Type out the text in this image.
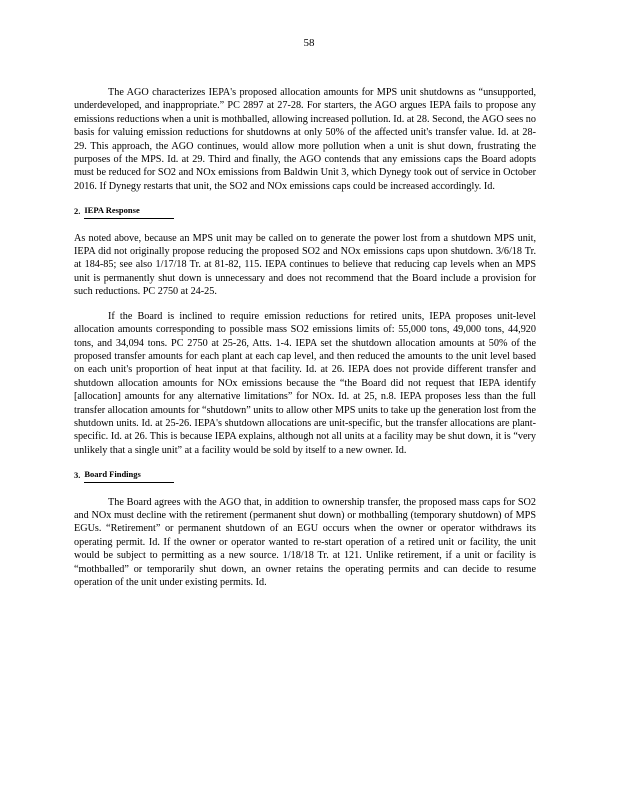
58

The AGO characterizes IEPA's proposed allocation amounts for MPS unit shutdowns as “unsupported, underdeveloped, and inappropriate.” PC 2897 at 27-28. For starters, the AGO argues IEPA fails to propose any emissions reductions when a unit is mothballed, allowing increased pollution. Id. at 28. Second, the AGO sees no basis for valuing emission reductions for shutdowns at only 50% of the affected unit's transfer value. Id. at 28-29. This approach, the AGO continues, would allow more pollution when a unit is shut down, frustrating the purposes of the MPS. Id. at 29. Third and finally, the AGO contends that any emissions caps the Board adopts must be reduced for SO2 and NOx emissions from Baldwin Unit 3, which Dynegy took out of service in October 2016. If Dynegy restarts that unit, the SO2 and NOx emissions caps could be increased accordingly. Id.

2. IEPA Response

As noted above, because an MPS unit may be called on to generate the power lost from a shutdown MPS unit, IEPA did not originally propose reducing the proposed SO2 and NOx emissions caps upon shutdown. 3/6/18 Tr. at 184-85; see also 1/17/18 Tr. at 81-82, 115. IEPA continues to believe that reducing cap levels when an MPS unit is permanently shut down is unnecessary and does not recommend that the Board include a provision for such reductions. PC 2750 at 24-25.

If the Board is inclined to require emission reductions for retired units, IEPA proposes unit-level allocation amounts corresponding to possible mass SO2 emissions limits of: 55,000 tons, 49,000 tons, 44,920 tons, and 34,094 tons. PC 2750 at 25-26, Atts. 1-4. IEPA set the shutdown allocation amounts at 50% of the proposed transfer amounts for each plant at each cap level, and then reduced the amounts to the unit level based on each unit's proportion of heat input at that facility. Id. at 26. IEPA does not provide different transfer and shutdown allocation amounts for NOx emissions because the “the Board did not request that IEPA identify [allocation] amounts for any alternative limitations” for NOx. Id. at 25, n.8. IEPA proposes less than the full transfer allocation amounts for “shutdown” units to allow other MPS units to take up the generation lost from the shutdown units. Id. at 25-26. IEPA's shutdown allocations are unit-specific, but the transfer allocations are plant-specific. Id. at 26. This is because IEPA explains, although not all units at a facility may be shut down, it is “very unlikely that a single unit” at a facility would be sold by itself to a new owner. Id.

3. Board Findings

The Board agrees with the AGO that, in addition to ownership transfer, the proposed mass caps for SO2 and NOx must decline with the retirement (permanent shut down) or mothballing (temporary shutdown) of MPS EGUs. “Retirement” or permanent shutdown of an EGU occurs when the owner or operator withdraws its operating permit. Id. If the owner or operator wanted to re-start operation of a retired unit or facility, the unit would be subject to permitting as a new source. 1/18/18 Tr. at 121. Unlike retirement, if a unit or facility is “mothballed” or temporarily shut down, an owner retains the operating permits and can decide to resume operation of the unit under existing permits. Id.
